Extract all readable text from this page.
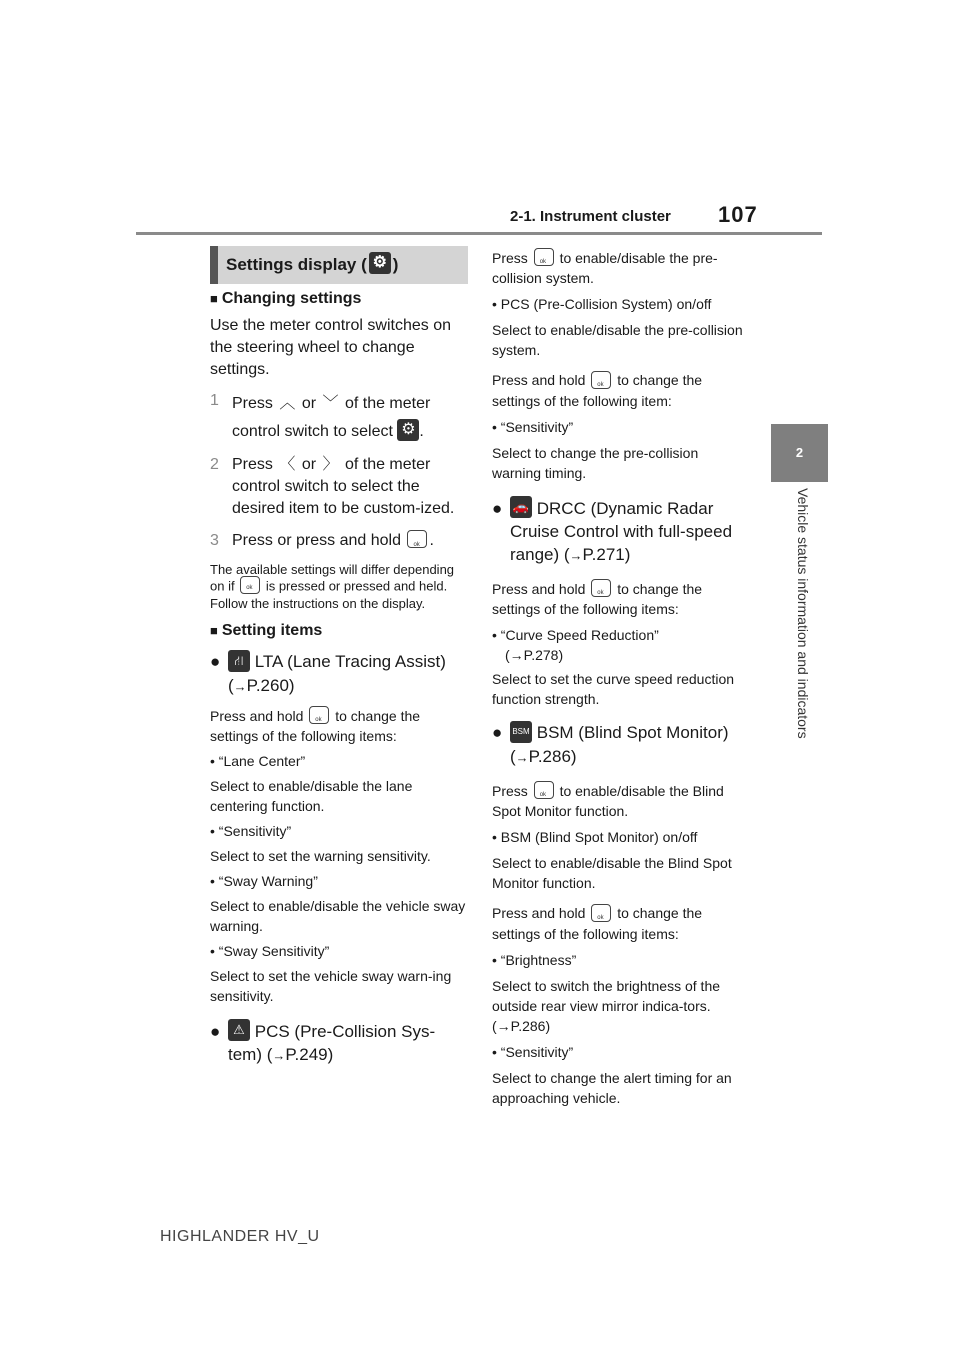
2-1. Instrument cluster 107
2
Vehicle status information and indicators
Settings display ( ⚙ )
■ Changing settings

Use the meter control switches on the steering wheel to change settings.

1 Press ︿ or ﹀ of the meter control switch to select ⚙ .
2 Press 〈 or 〉 of the meter control switch to select the desired item to be custom-ized.
3 Press or press and hold ok .

The available settings will differ depending on if ok is pressed or pressed and held. Follow the instructions on the display.

■ Setting items
●	⛙ LTA (Lane Tracing Assist)
(→P.260)

Press and hold ok to change the settings of the following items:

• “Lane Center”

Select to enable/disable the lane centering function.

• “Sensitivity”

Select to set the warning sensitivity.

• “Sway Warning”

Select to enable/disable the vehicle sway warning.

• “Sway Sensitivity”

Select to set the vehicle sway warn-ing sensitivity.

● ⚠ PCS (Pre-Collision Sys-
tem) (→P.249)

Press ok to enable/disable the pre-collision system.

• PCS (Pre-Collision System) on/off

Select to enable/disable the pre-collision system.

Press and hold ok to change the settings of the following item:

• “Sensitivity”

Select to change the pre-collision warning timing.

● 🚗 DRCC (Dynamic Radar Cruise Control with full-speed range) (→P.271)

Press and hold ok to change the settings of the following items:

• “Curve Speed Reduction”

(→P.278)

Select to set the curve speed reduction function strength.

●	BSM BSM (Blind Spot Monitor)
(→P.286)

Press ok to enable/disable the Blind Spot Monitor function.

• BSM (Blind Spot Monitor) on/off

Select to enable/disable the Blind Spot Monitor function.

Press and hold ok to change the settings of the following items:

• “Brightness”

Select to switch the brightness of the outside rear view mirror indica-tors. (→P.286)

• “Sensitivity”

Select to change the alert timing for an approaching vehicle.

HIGHLANDER HV_U
